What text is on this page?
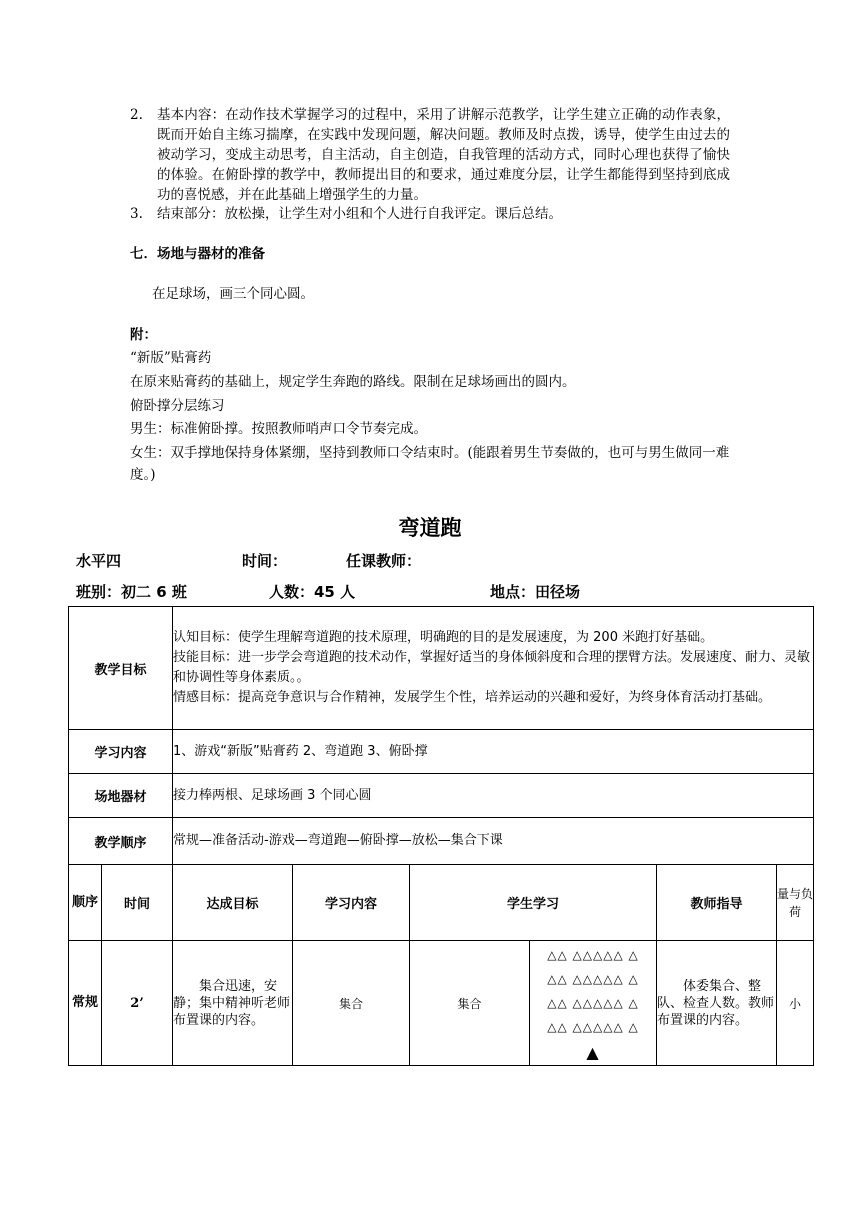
2. 基本内容：在动作技术掌握学习的过程中，采用了讲解示范教学，让学生建立正确的动作表象，既而开始自主练习揣摩，在实践中发现问题，解决问题。教师及时点拨，诱导，使学生由过去的被动学习，变成主动思考，自主活动，自主创造，自我管理的活动方式，同时心理也获得了愉快的体验。在俯卧撑的教学中，教师提出目的和要求，通过难度分层，让学生都能得到坚持到底成功的喜悦感，并在此基础上增强学生的力量。
3. 结束部分：放松操，让学生对小组和个人进行自我评定。课后总结。
七．场地与器材的准备
在足球场，画三个同心圆。
附：
“新版”贴膏药
在原来贴膏药的基础上，规定学生奔跑的路线。限制在足球场画出的圆内。
俯卧撑分层练习
男生：标准俯卧撑。按照教师哨声口令节奏完成。
女生：双手撑地保持身体紧绷，坚持到教师口令结束时。(能跟着男生节奏做的，也可与男生做同一难度。)
弯道跑
水平四	时间：	任课教师：
班别：初二 6 班	人数：45 人	地点：田径场
教学目标		认知目标：使学生理解弯道跑的技术原理，明确跑的目的是发展速度，为 200 米跑打好基础。
技能目标：进一步学会弯道跑的技术动作，掌握好适当的身体倾斜度和合理的摆臂方法。发展速度、耐力、灵敏和协调性等身体素质。。
情感目标：提高竞争意识与合作精神，发展学生个性，培养运动的兴趣和爱好，为终身体育活动打基础。					

学习内容		1、游戏“新版”贴膏药 2、弯道跑 3、俯卧撑					
场地器材		接力棒两根、足球场画 3 个同心圆					
教学顺序		常规—准备活动-游戏—弯道跑—俯卧撑—放松—集合下课					
顺序	时间	达成目标	学习内容	学生学习		教师指导	量与负荷
常规	2’	集合迅速，安静；集中精神听老师布置课的内容。	集合	集合	△△ △△△△△ △
△△ △△△△△ △
△△ △△△△△ △
△△ △△△△△ △
▲	体委集合、整队、检查人数。教师布置课的内容。	小
